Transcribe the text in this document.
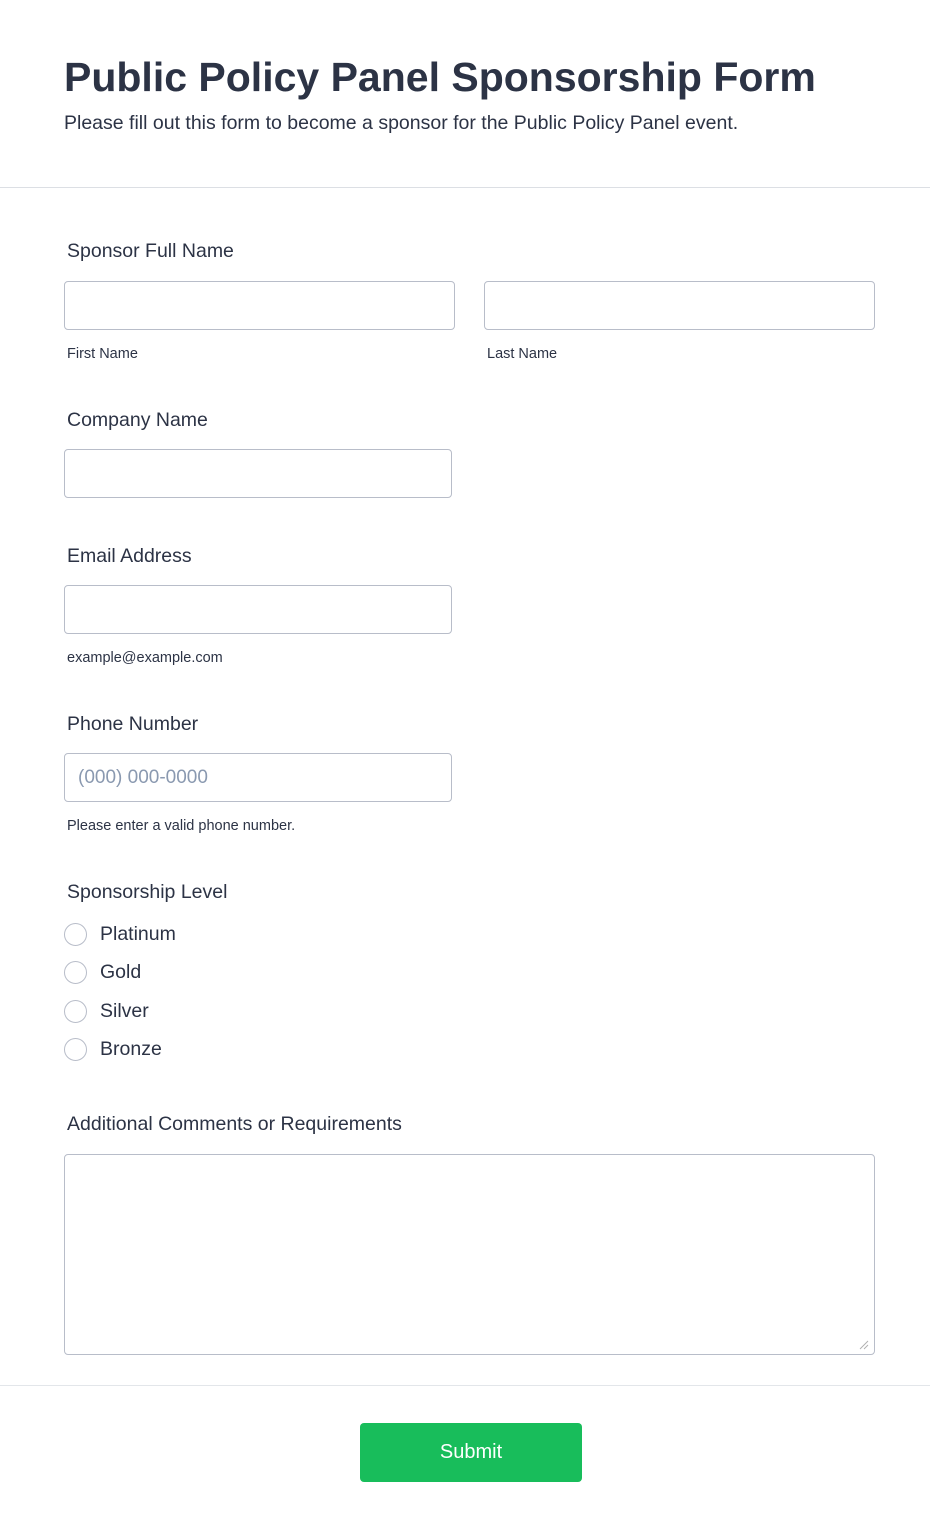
Public Policy Panel Sponsorship Form

Please fill out this form to become a sponsor for the Public Policy Panel event.

Sponsor Full Name
First Name	Last Name
Company Name
Email Address
example@example.com
Phone Number
(000) 000-0000
Please enter a valid phone number.
Sponsorship Level
Platinum
Gold
Silver
Bronze
Additional Comments or Requirements
Submit
